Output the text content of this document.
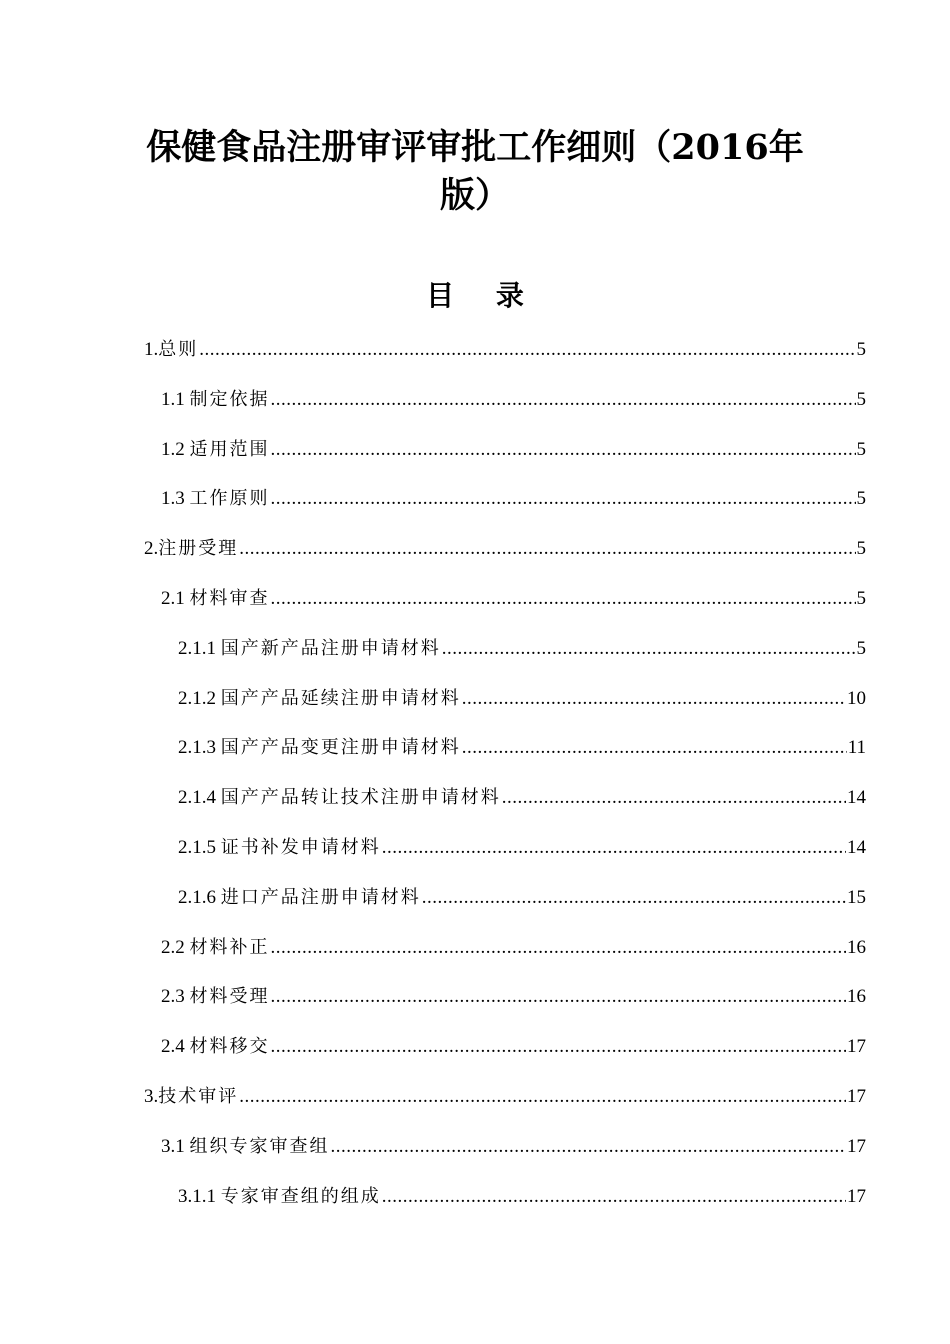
保健食品注册审评审批工作细则（2016年
版）
目 录
1.总则 .....	5
1.1 制定依据 .....	5
1.2 适用范围 .....	5
1.3 工作原则 .....	5
2.注册受理 .....	5
2.1 材料审查 .....	5
2.1.1 国产新产品注册申请材料 .....	5
2.1.2 国产产品延续注册申请材料 .....	10
2.1.3 国产产品变更注册申请材料 .....	11
2.1.4 国产产品转让技术注册申请材料 .....	14
2.1.5 证书补发申请材料 .....	14
2.1.6 进口产品注册申请材料 .....	15
2.2 材料补正 .....	16
2.3 材料受理 .....	16
2.4 材料移交 .....	17
3.技术审评 .....	17
3.1 组织专家审查组 .....	17
3.1.1 专家审查组的组成 .....	17
